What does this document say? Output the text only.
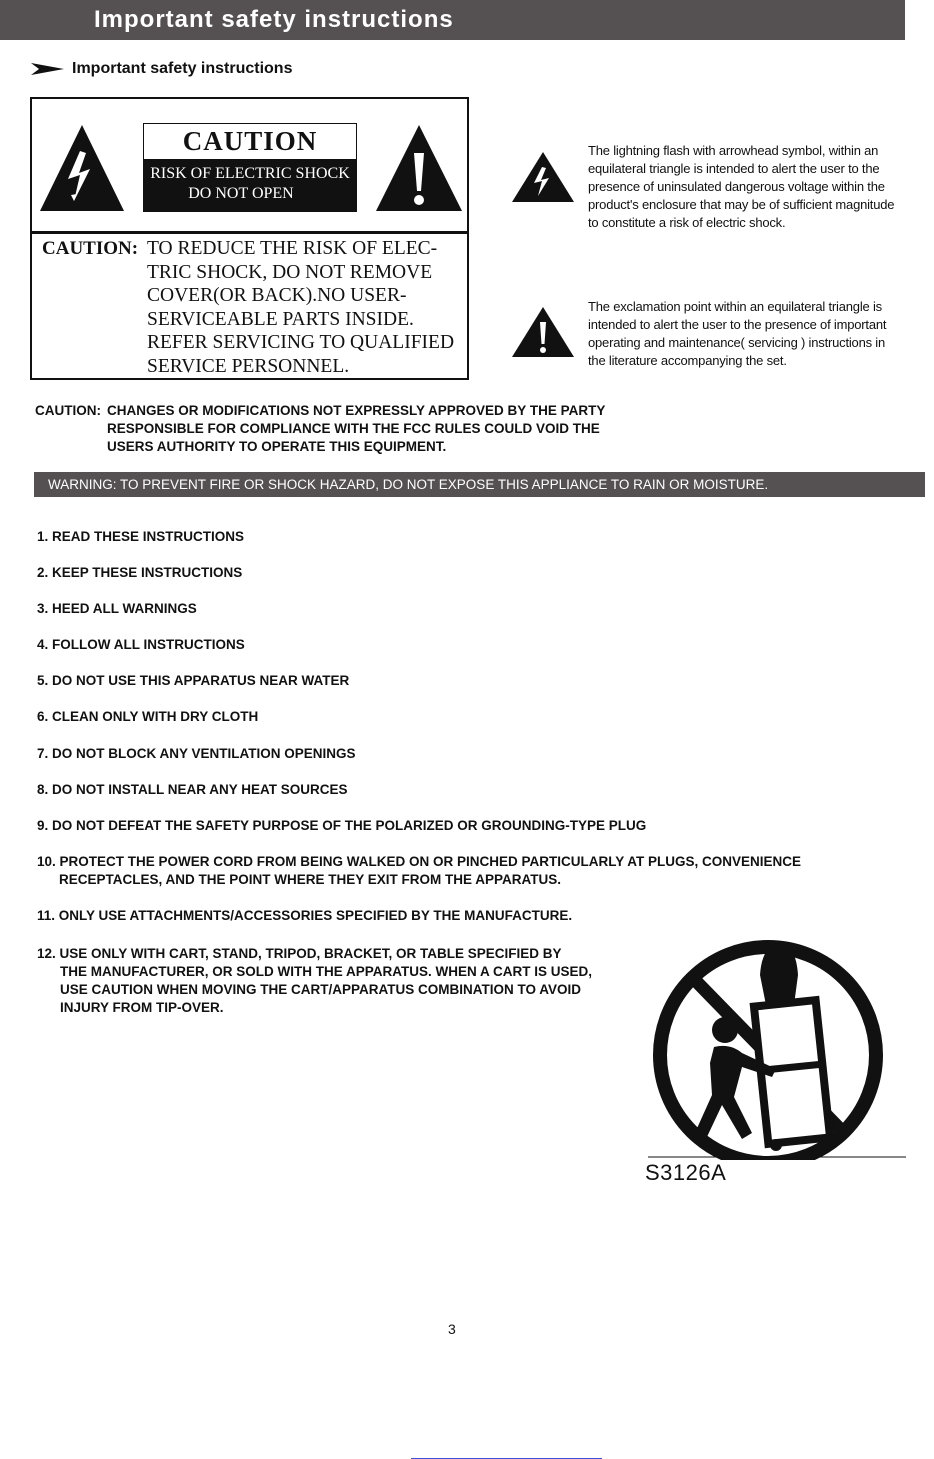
Important safety instructions
Important safety instructions
CAUTION
RISK OF ELECTRIC SHOCK
DO NOT OPEN
CAUTION: TO REDUCE THE RISK OF ELEC-
TRIC SHOCK, DO NOT REMOVE
COVER(OR BACK).NO USER-
SERVICEABLE PARTS INSIDE.
REFER SERVICING TO QUALIFIED
SERVICE PERSONNEL.
The lightning flash with arrowhead symbol, within an
equilateral triangle is intended to alert the user to the
presence of uninsulated dangerous voltage within the
product's enclosure that may be of sufficient magnitude
to constitute a risk of electric shock.
The exclamation point within an equilateral triangle is
intended to alert the user to the presence of important
operating and maintenance( servicing ) instructions in
the literature accompanying the set.
CAUTION: CHANGES OR MODIFICATIONS NOT EXPRESSLY APPROVED BY THE PARTY
RESPONSIBLE FOR COMPLIANCE WITH THE FCC RULES COULD VOID THE
USERS AUTHORITY TO OPERATE THIS EQUIPMENT.
WARNING: TO PREVENT FIRE OR SHOCK HAZARD, DO NOT EXPOSE THIS APPLIANCE TO RAIN OR MOISTURE.
1. READ THESE INSTRUCTIONS
2. KEEP THESE INSTRUCTIONS
3. HEED ALL WARNINGS
4. FOLLOW ALL INSTRUCTIONS
5. DO NOT USE THIS APPARATUS NEAR WATER
6. CLEAN ONLY WITH DRY CLOTH
7. DO NOT BLOCK ANY VENTILATION OPENINGS
8. DO NOT INSTALL NEAR ANY HEAT SOURCES
9. DO NOT DEFEAT THE SAFETY PURPOSE OF THE POLARIZED OR GROUNDING-TYPE PLUG
10. PROTECT THE POWER CORD FROM BEING WALKED ON OR PINCHED PARTICULARLY AT PLUGS, CONVENIENCE
RECEPTACLES, AND THE POINT WHERE THEY EXIT FROM THE APPARATUS.
11. ONLY USE ATTACHMENTS/ACCESSORIES SPECIFIED BY THE MANUFACTURE.
12. USE ONLY WITH CART, STAND, TRIPOD, BRACKET, OR TABLE SPECIFIED BY
THE MANUFACTURER, OR SOLD WITH THE APPARATUS. WHEN A CART IS USED,
USE CAUTION WHEN MOVING THE CART/APPARATUS COMBINATION TO AVOID
INJURY FROM TIP-OVER.
S3126A
3
